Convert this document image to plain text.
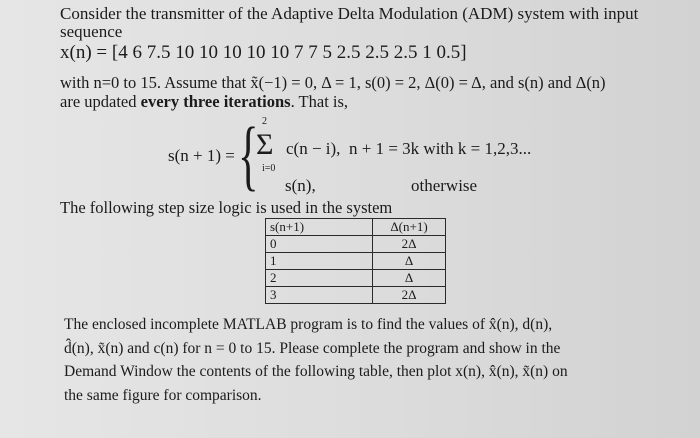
Consider the transmitter of the Adaptive Delta Modulation (ADM) system with input
sequence
x(n) = [4 6 7.5 10 10 10 10 10 7 7 5 2.5 2.5 2.5 1 0.5]
with n=0 to 15. Assume that x̃(−1) = 0, Δ = 1, s(0) = 2, Δ(0) = Δ, and s(n) and Δ(n)
are updated every three iterations. That is,
s(n + 1) = { 2
Σ
i=0
c(n − i), n + 1 = 3k with k = 1,2,3...
s(n),	otherwise
The following step size logic is used in the system
s(n+1)	Δ(n+1)
0	2Δ
1	Δ
2	Δ
3	2Δ
The enclosed incomplete MATLAB program is to find the values of x̂(n), d(n),
d̂(n), x̃(n) and c(n) for n = 0 to 15. Please complete the program and show in the
Demand Window the contents of the following table, then plot x(n), x̂(n), x̃(n) on
the same figure for comparison.
